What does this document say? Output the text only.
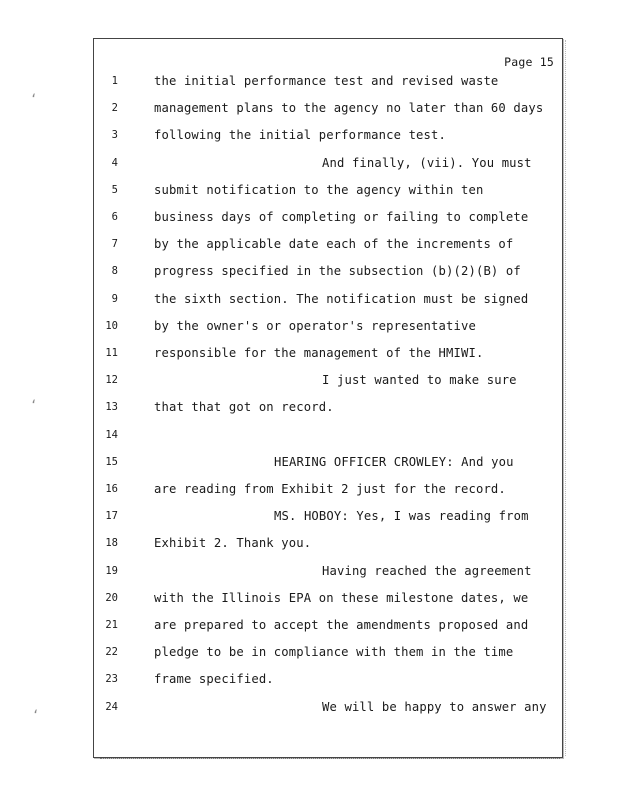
Page 15
1	the initial performance test and revised waste
2	management plans to the agency no later than 60 days
3	following the initial performance test.
4	And finally, (vii). You must
5	submit notification to the agency within ten
6	business days of completing or failing to complete
7	by the applicable date each of the increments of
8	progress specified in the subsection (b)(2)(B) of
9	the sixth section. The notification must be signed
10	by the owner's or operator's representative
11	responsible for the management of the HMIWI.
12	I just wanted to make sure
13	that that got on record.
14
15	HEARING OFFICER CROWLEY: And you
16	are reading from Exhibit 2 just for the record.
17	MS. HOBOY: Yes, I was reading from
18	Exhibit 2. Thank you.
19	Having reached the agreement
20	with the Illinois EPA on these milestone dates, we
21	are prepared to accept the amendments proposed and
22	pledge to be in compliance with them in the time
23	frame specified.
24	We will be happy to answer any
‘
‘
‘
